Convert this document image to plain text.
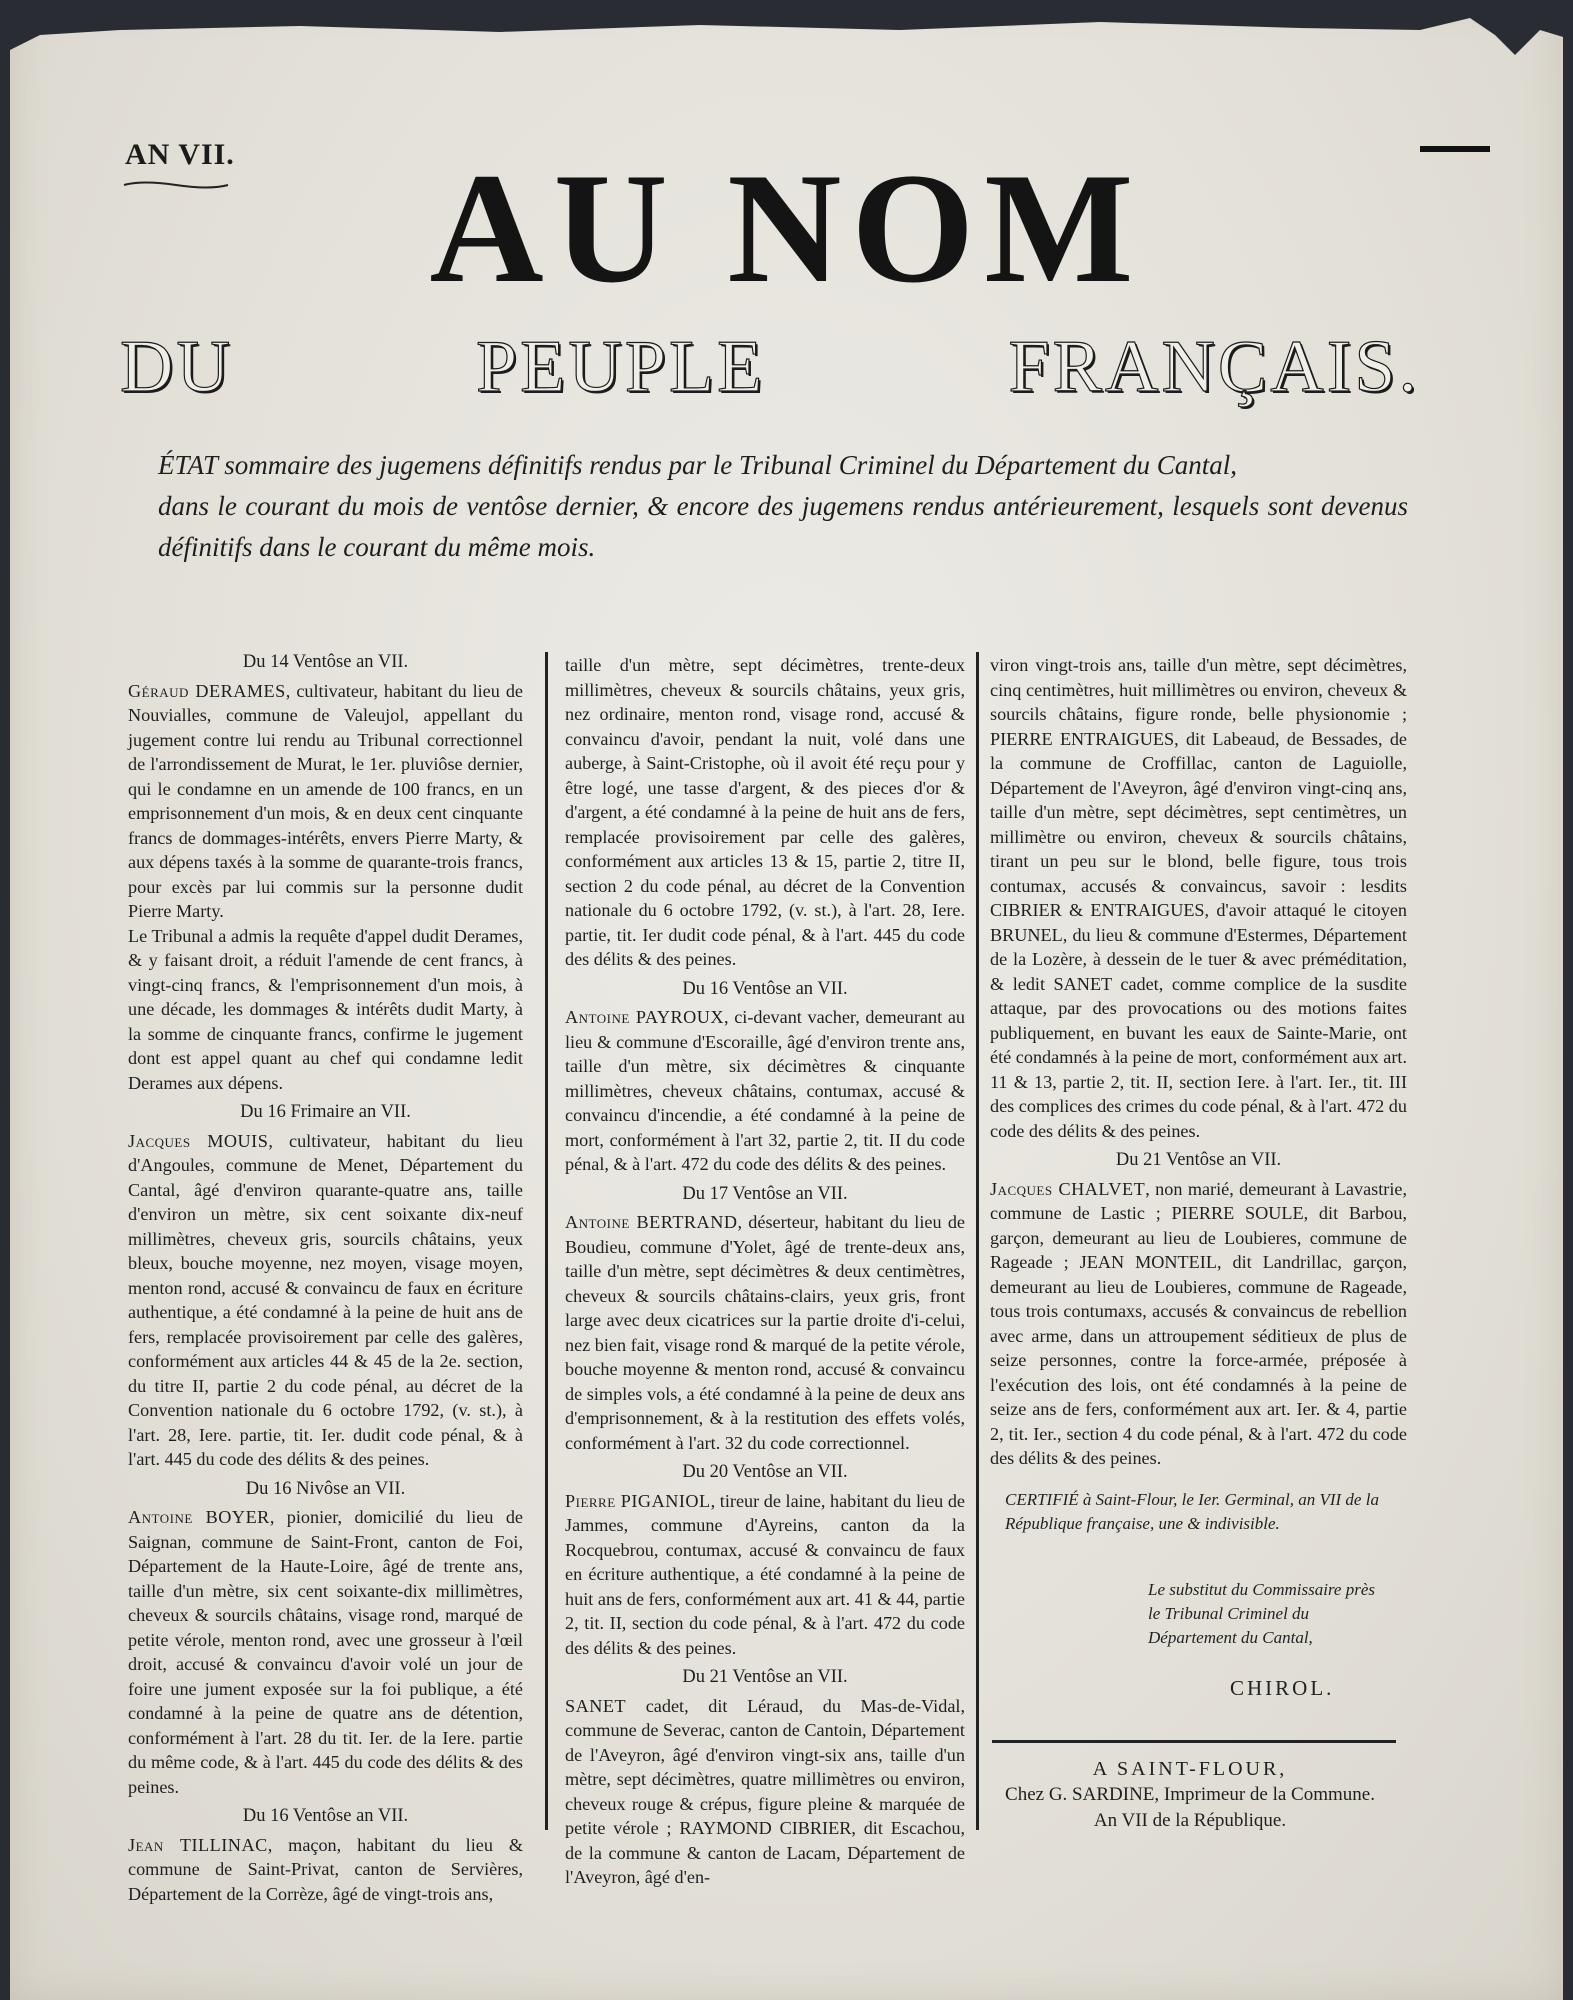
AN VII.	AU NOM
DU	PEUPLE	FRANÇAIS.
ÉTAT sommaire des jugemens définitifs rendus par le Tribunal Criminel du Département du Cantal,
dans le courant du mois de ventôse dernier, & encore des jugemens rendus antérieurement, lesquels sont devenus définitifs dans le courant du même mois.

Du 14 Ventôse an VII.

Géraud DERAMES, cultivateur, habitant du lieu de Nouvialles, commune de Valeujol, appellant du jugement contre lui rendu au Tribunal correctionnel de l'arrondissement de Murat, le 1er. pluviôse dernier, qui le condamne en un amende de 100 francs, en un emprisonnement d'un mois, & en deux cent cinquante francs de dommages-intérêts, envers Pierre Marty, & aux dépens taxés à la somme de quarante-trois francs, pour excès par lui commis sur la personne dudit Pierre Marty.

Le Tribunal a admis la requête d'appel dudit Derames, & y faisant droit, a réduit l'amende de cent francs, à vingt-cinq francs, & l'emprisonnement d'un mois, à une décade, les dommages & intérêts dudit Marty, à la somme de cinquante francs, confirme le jugement dont est appel quant au chef qui condamne ledit Derames aux dépens.

Du 16 Frimaire an VII.

Jacques MOUIS, cultivateur, habitant du lieu d'Angoules, commune de Menet, Département du Cantal, âgé d'environ quarante-quatre ans, taille d'environ un mètre, six cent soixante dix-neuf millimètres, cheveux gris, sourcils châtains, yeux bleux, bouche moyenne, nez moyen, visage moyen, menton rond, accusé & convaincu de faux en écriture authentique, a été condamné à la peine de huit ans de fers, remplacée provisoirement par celle des galères, conformément aux articles 44 & 45 de la 2e. section, du titre II, partie 2 du code pénal, au décret de la Convention nationale du 6 octobre 1792, (v. st.), à l'art. 28, Iere. partie, tit. Ier. dudit code pénal, & à l'art. 445 du code des délits & des peines.

Du 16 Nivôse an VII.

Antoine BOYER, pionier, domicilié du lieu de Saignan, commune de Saint-Front, canton de Foi, Département de la Haute-Loire, âgé de trente ans, taille d'un mètre, six cent soixante-dix millimètres, cheveux & sourcils châtains, visage rond, marqué de petite vérole, menton rond, avec une grosseur à l'œil droit, accusé & convaincu d'avoir volé un jour de foire une jument exposée sur la foi publique, a été condamné à la peine de quatre ans de détention, conformément à l'art. 28 du tit. Ier. de la Iere. partie du même code, & à l'art. 445 du code des délits & des peines.

Du 16 Ventôse an VII.

Jean TILLINAC, maçon, habitant du lieu & commune de Saint-Privat, canton de Servières, Département de la Corrèze, âgé de vingt-trois ans,

taille d'un mètre, sept décimètres, trente-deux millimètres, cheveux & sourcils châtains, yeux gris, nez ordinaire, menton rond, visage rond, accusé & convaincu d'avoir, pendant la nuit, volé dans une auberge, à Saint-Cristophe, où il avoit été reçu pour y être logé, une tasse d'argent, & des pieces d'or & d'argent, a été condamné à la peine de huit ans de fers, remplacée provisoirement par celle des galères, conformément aux articles 13 & 15, partie 2, titre II, section 2 du code pénal, au décret de la Convention nationale du 6 octobre 1792, (v. st.), à l'art. 28, Iere. partie, tit. Ier dudit code pénal, & à l'art. 445 du code des délits & des peines.

Du 16 Ventôse an VII.

Antoine PAYROUX, ci-devant vacher, demeurant au lieu & commune d'Escoraille, âgé d'environ trente ans, taille d'un mètre, six décimètres & cinquante millimètres, cheveux châtains, contumax, accusé & convaincu d'incendie, a été condamné à la peine de mort, conformément à l'art 32, partie 2, tit. II du code pénal, & à l'art. 472 du code des délits & des peines.

Du 17 Ventôse an VII.

Antoine BERTRAND, déserteur, habitant du lieu de Boudieu, commune d'Yolet, âgé de trente-deux ans, taille d'un mètre, sept décimètres & deux centimètres, cheveux & sourcils châtains-clairs, yeux gris, front large avec deux cicatrices sur la partie droite d'i-celui, nez bien fait, visage rond & marqué de la petite vérole, bouche moyenne & menton rond, accusé & convaincu de simples vols, a été condamné à la peine de deux ans d'emprisonnement, & à la restitution des effets volés, conformément à l'art. 32 du code correctionnel.

Du 20 Ventôse an VII.

Pierre PIGANIOL, tireur de laine, habitant du lieu de Jammes, commune d'Ayreins, canton da la Rocquebrou, contumax, accusé & convaincu de faux en écriture authentique, a été condamné à la peine de huit ans de fers, conformément aux art. 41 & 44, partie 2, tit. II, section du code pénal, & à l'art. 472 du code des délits & des peines.

Du 21 Ventôse an VII.

SANET cadet, dit Léraud, du Mas-de-Vidal, commune de Severac, canton de Cantoin, Département de l'Aveyron, âgé d'environ vingt-six ans, taille d'un mètre, sept décimètres, quatre millimètres ou environ, cheveux rouge & crépus, figure pleine & marquée de petite vérole ; RAYMOND CIBRIER, dit Escachou, de la commune & canton de Lacam, Département de l'Aveyron, âgé d'en-

viron vingt-trois ans, taille d'un mètre, sept décimètres, cinq centimètres, huit millimètres ou environ, cheveux & sourcils châtains, figure ronde, belle physionomie ; PIERRE ENTRAIGUES, dit Labeaud, de Bessades, de la commune de Croffillac, canton de Laguiolle, Département de l'Aveyron, âgé d'environ vingt-cinq ans, taille d'un mètre, sept décimètres, sept centimètres, un millimètre ou environ, cheveux & sourcils châtains, tirant un peu sur le blond, belle figure, tous trois contumax, accusés & convaincus, savoir : lesdits CIBRIER & ENTRAIGUES, d'avoir attaqué le citoyen BRUNEL, du lieu & commune d'Estermes, Département de la Lozère, à dessein de le tuer & avec préméditation, & ledit SANET cadet, comme complice de la susdite attaque, par des provocations ou des motions faites publiquement, en buvant les eaux de Sainte-Marie, ont été condamnés à la peine de mort, conformément aux art. 11 & 13, partie 2, tit. II, section Iere. à l'art. Ier., tit. III des complices des crimes du code pénal, & à l'art. 472 du code des délits & des peines.

Du 21 Ventôse an VII.

Jacques CHALVET, non marié, demeurant à Lavastrie, commune de Lastic ; PIERRE SOULE, dit Barbou, garçon, demeurant au lieu de Loubieres, commune de Rageade ; JEAN MONTEIL, dit Landrillac, garçon, demeurant au lieu de Loubieres, commune de Rageade, tous trois contumaxs, accusés & convaincus de rebellion avec arme, dans un attroupement séditieux de plus de seize personnes, contre la force-armée, préposée à l'exécution des lois, ont été condamnés à la peine de seize ans de fers, conformément aux art. Ier. & 4, partie 2, tit. Ier., section 4 du code pénal, & à l'art. 472 du code des délits & des peines.

CERTIFIÉ à Saint-Flour, le Ier. Germinal, an VII de la République française, une & indivisible.
Le substitut du Commissaire près le Tribunal Criminel du Département du Cantal,
CHIROL.
A SAINT-FLOUR,
Chez G. SARDINE, Imprimeur de la Commune.
An VII de la République.
